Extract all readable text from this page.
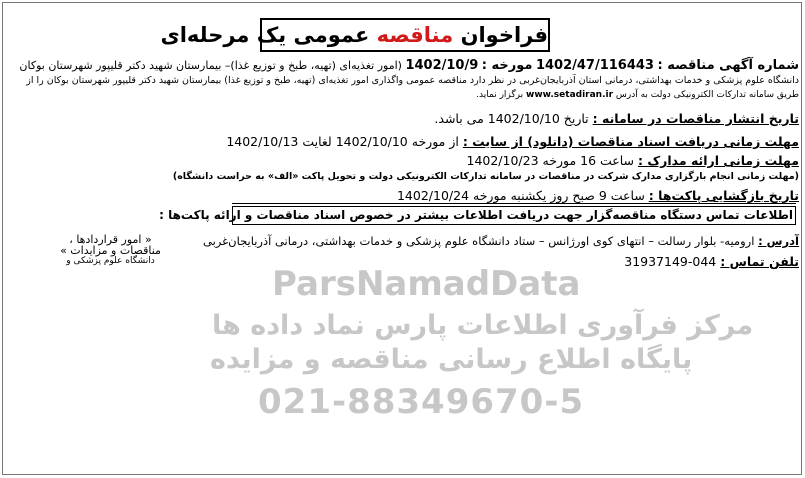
فراخوان مناقصه عمومی یک مرحله‌ای
شماره آگهی مناقصه : 1402/47/116443 مورخه : 1402/10/9 (امور تغذیه‌ای (تهیه، طبخ و توزیع غذا)– بیمارستان شهید دکتر قلیپور شهرستان بوکان
دانشگاه علوم پزشکی و خدمات بهداشتی، درمانی استان آذربایجان‌غربی در نظر دارد مناقصه عمومی واگذاری امور تغذیه‌ای (تهیه، طبخ و توزیع غذا) بیمارستان شهید دکتر قلیپور شهرستان بوکان را از
طریق سامانه تدارکات الکترونیکی دولت به آدرس www.setadiran.ir برگزار نماید.
تاریخ انتشار مناقصات در سامانه : تاریخ 1402/10/10 می باشد.
مهلت زمانی دریافت اسناد مناقصات (دانلود) از سایت : از مورخه 1402/10/10 لغایت 1402/10/13
مهلت زمانی ارائه مدارک : ساعت 16 مورخه 1402/10/23
(مهلت زمانی انجام بارگزاری مدارک شرکت در مناقصات در سامانه تدارکات الکترونیکی دولت و تحویل پاکت «الف» به حراست دانشگاه)
تاریخ بازگشایی پاکت‌ها : ساعت 9 صبح روز یکشنبه مورخه 1402/10/24
اطلاعات تماس دستگاه مناقصه‌گزار جهت دریافت اطلاعات بیشتر در خصوص اسناد مناقصات و ارائه پاکت‌ها :
آدرس : ارومیه- بلوار رسالت – انتهای کوی اورژانس – ستاد دانشگاه علوم پزشکی و خدمات بهداشتی، درمانی آذربایجان‌غربی
تلفن تماس : 044-31937149
« امور قراردادها ،
مناقصات و مزایدات »
دانشگاه علوم پزشکی و
ParsNamadData
مرکز فرآوری اطلاعات پارس نماد داده ها
پایگاه اطلاع رسانی مناقصه و مزایده
021-88349670-5
